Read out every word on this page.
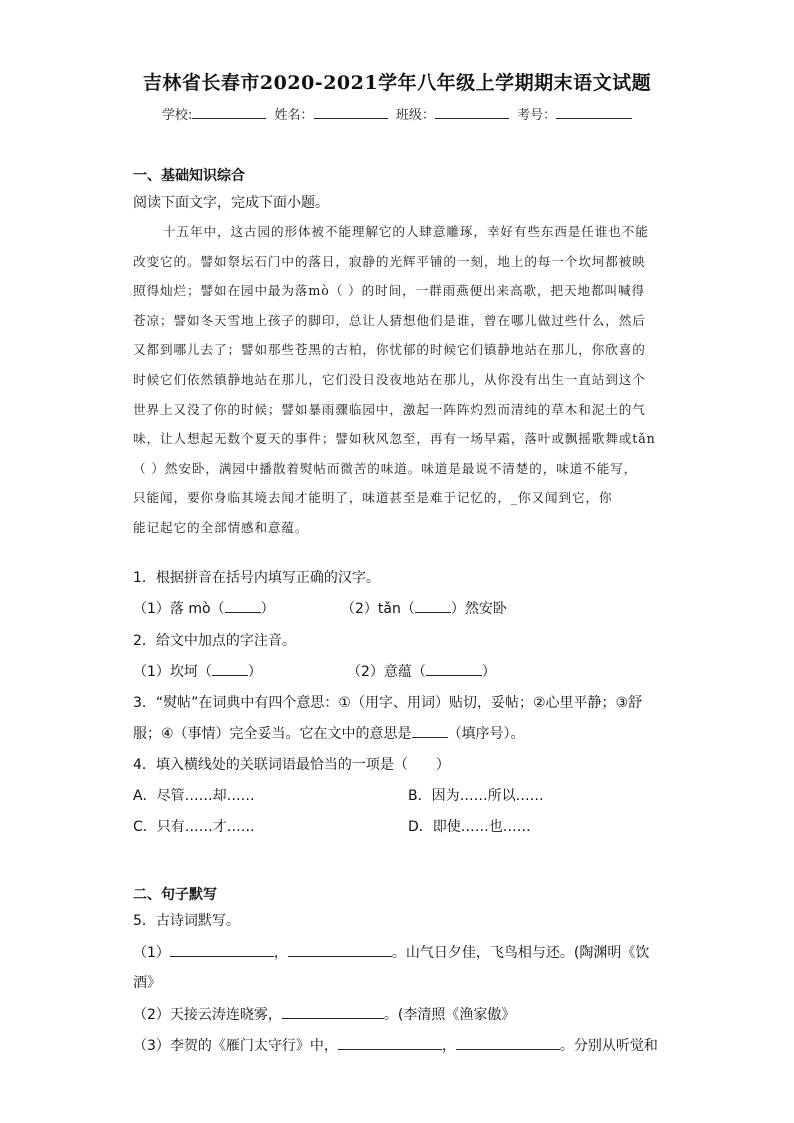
吉林省长春市2020-2021学年八年级上学期期末语文试题
学校:	姓名：	班级：	考号：
一、基础知识综合
阅读下面文字，完成下面小题。

十五年中，这古园的形体被不能理解它的人肆意雕琢，幸好有些东西是任谁也不能

改变它的。譬如祭坛石门中的落日，寂静的光辉平铺的一刻，地上的每一个坎坷都被映

照得灿烂；譬如在园中最为落mò（ ）的时间，一群雨燕便出来高歌，把天地都叫喊得

苍凉；譬如冬天雪地上孩子的脚印，总让人猜想他们是谁，曾在哪儿做过些什么，然后

又都到哪儿去了；譬如那些苍黑的古柏，你忧郁的时候它们镇静地站在那儿，你欣喜的

时候它们依然镇静地站在那儿，它们没日没夜地站在那儿，从你没有出生一直站到这个

世界上又没了你的时候；譬如暴雨骤临园中，激起一阵阵灼烈而清纯的草木和泥土的气

味，让人想起无数个夏天的事件；譬如秋风忽至，再有一场早霜，落叶或飘摇歌舞或tǎn

（ ）然安卧，满园中播散着熨帖而微苦的味道。味道是最说不清楚的，味道不能写，

只能闻，要你身临其境去闻才能明了，味道甚至是难于记忆的，_你又闻到它，你

能记起它的全部情感和意蕴。

1．根据拼音在括号内填写正确的汉字。
（1）落 mò（	）	（2）tǎn（	）然安卧
2．给文中加点的字注音。
（1）坎坷（	）	（2）意蕴（	）
3．“熨帖”在词典中有四个意思：①（用字、用词）贴切，妥帖；②心里平静；③舒
服；④（事情）完全妥当。它在文中的意思是	（填序号）。
4．填入横线处的关联词语最恰当的一项是（　　）
A．尽管……却……	B．因为……所以……
C．只有……才……	D．即使……也……
二、句子默写
5．古诗词默写。
（1）	，	。山气日夕佳，飞鸟相与还。(陶渊明《饮
酒》
（2）天接云涛连晓雾，	。(李清照《渔家傲》
（3）李贺的《雁门太守行》中，	，	。分别从听觉和
